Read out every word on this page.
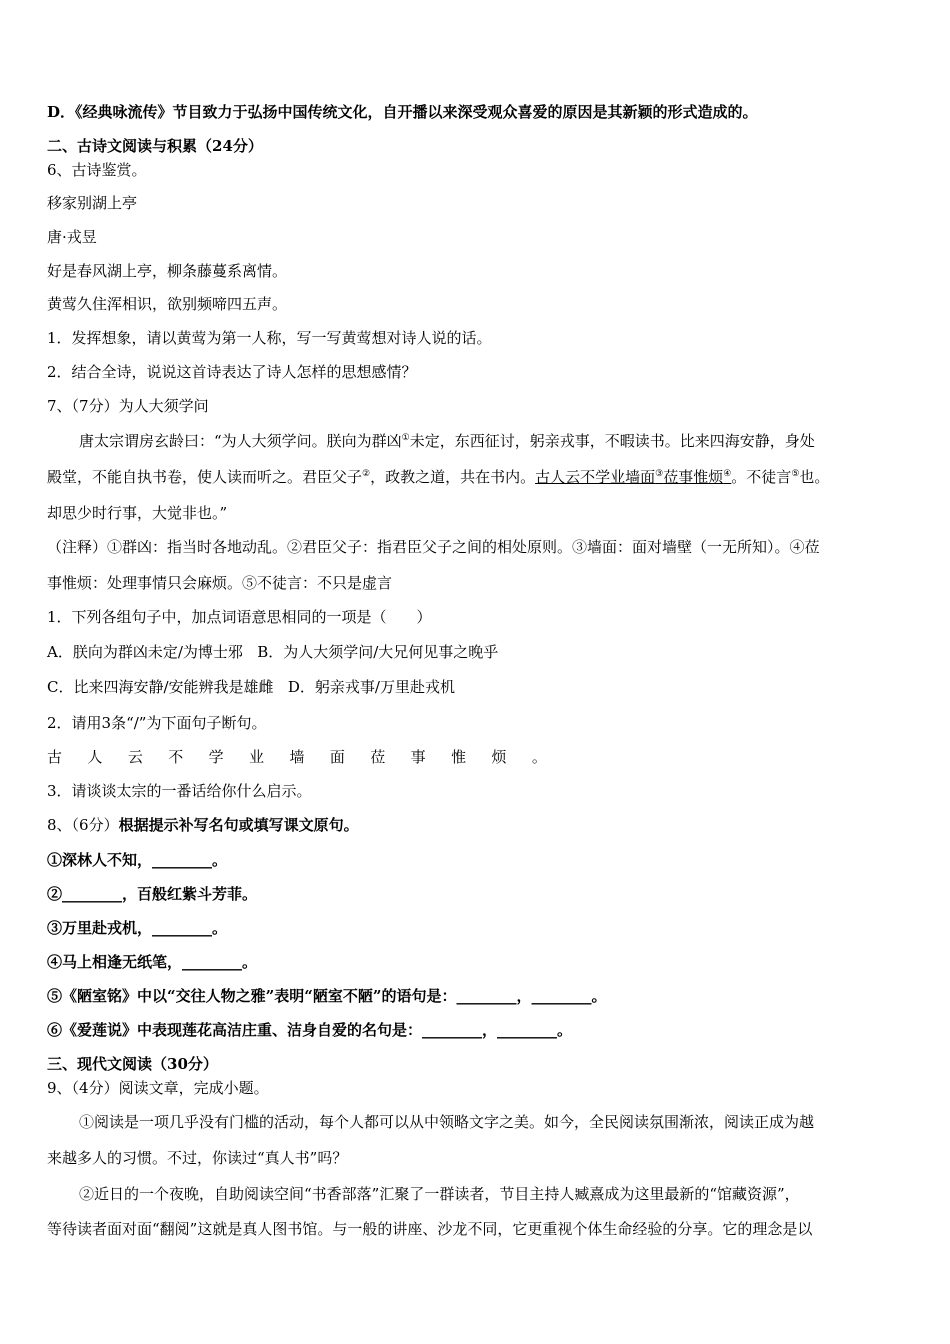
D．《经典咏流传》节目致力于弘扬中国传统文化，自开播以来深受观众喜爱的原因是其新颖的形式造成的。
二、古诗文阅读与积累（24分）
6、古诗鉴赏。
移家别湖上亭
唐·戎昱
好是春风湖上亭，柳条藤蔓系离情。
黄莺久住浑相识，欲别频啼四五声。
1．发挥想象，请以黄莺为第一人称，写一写黄莺想对诗人说的话。
2．结合全诗，说说这首诗表达了诗人怎样的思想感情？
7、（7分）为人大须学问
唐太宗谓房玄龄曰：“为人大须学问。朕向为群凶①未定，东西征讨，躬亲戎事，不暇读书。比来四海安静，身处
殿堂，不能自执书卷，使人读而听之。君臣父子②，政教之道，共在书内。古人云不学业墙面③莅事惟烦④。不徒言⑤也。
却思少时行事，大觉非也。”
（注释）①群凶：指当时各地动乱。②君臣父子：指君臣父子之间的相处原则。③墙面：面对墙壁（一无所知）。④莅
事惟烦：处理事情只会麻烦。⑤不徒言：不只是虚言
1．下列各组句子中，加点词语意思相同的一项是（　　）
A．朕向为群凶未定/为博士邪 B．为人大须学问/大兄何见事之晚乎
C．比来四海安静/安能辨我是雄雌 D．躬亲戎事/万里赴戎机
2．请用3条“/”为下面句子断句。
古 人 云 不 学 业 墙 面 莅 事 惟 烦 。
3．请谈谈太宗的一番话给你什么启示。
8、（6分）根据提示补写名句或填写课文原句。
①深林人不知，________。
②________，百般红紫斗芳菲。
③万里赴戎机，________。
④马上相逢无纸笔，________。
⑤《陋室铭》中以“交往人物之雅”表明“陋室不陋”的语句是：________，________。
⑥《爱莲说》中表现莲花高洁庄重、洁身自爱的名句是：________，________。
三、现代文阅读（30分）
9、（4分）阅读文章，完成小题。
①阅读是一项几乎没有门槛的活动，每个人都可以从中领略文字之美。如今，全民阅读氛围渐浓，阅读正成为越
来越多人的习惯。不过，你读过“真人书”吗？
②近日的一个夜晚，自助阅读空间“书香部落”汇聚了一群读者，节目主持人臧熹成为这里最新的“馆藏资源”，
等待读者面对面“翻阅”这就是真人图书馆。与一般的讲座、沙龙不同，它更重视个体生命经验的分享。它的理念是以
